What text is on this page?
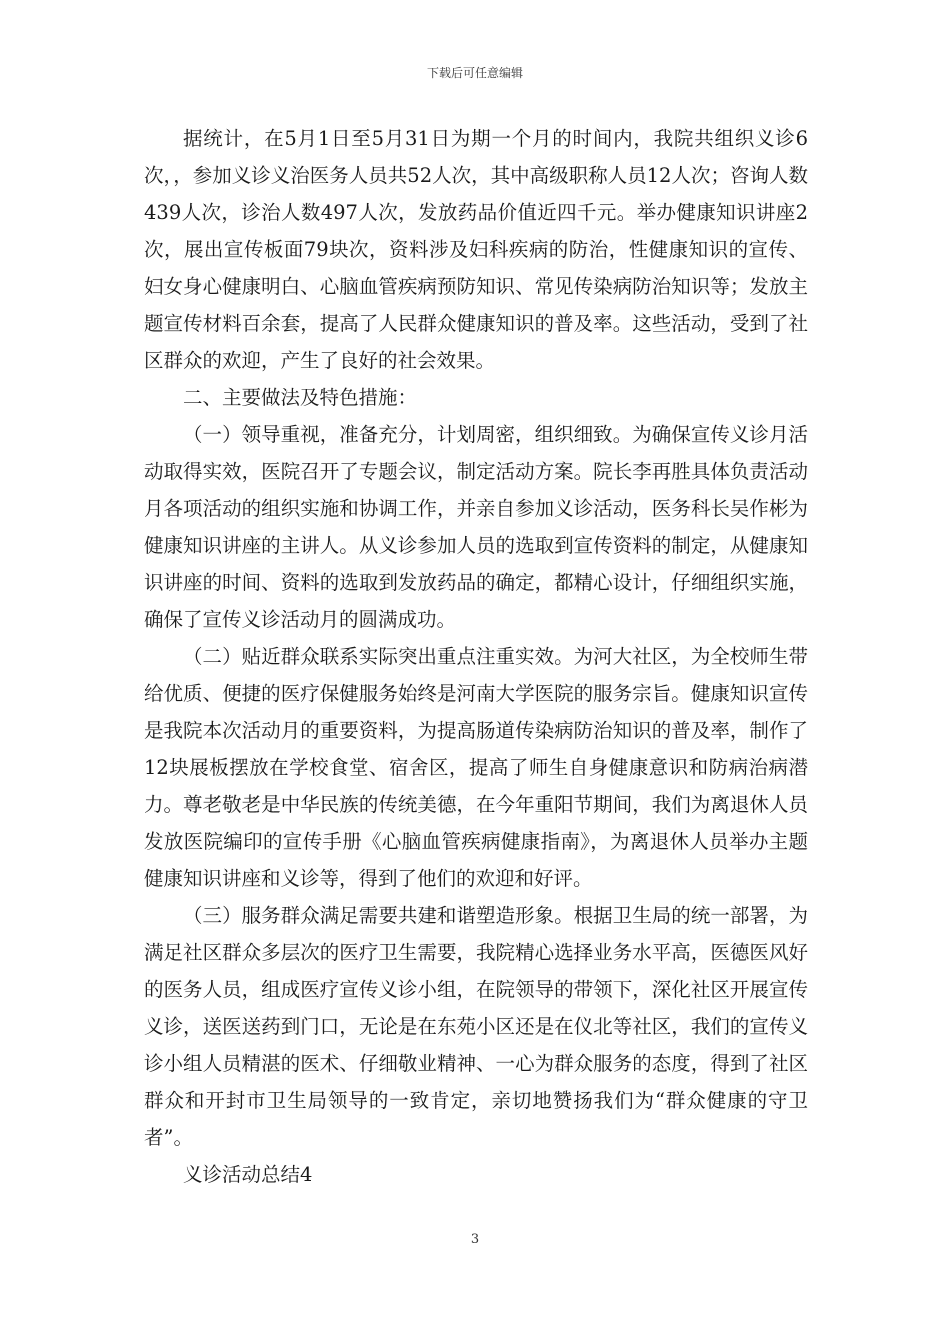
下载后可任意编辑

据统计，在5月1日至5月31日为期一个月的时间内，我院共组织义诊6次，，参加义诊义治医务人员共52人次，其中高级职称人员12人次；咨询人数439人次，诊治人数497人次，发放药品价值近四千元。举办健康知识讲座2次，展出宣传板面79块次，资料涉及妇科疾病的防治，性健康知识的宣传、妇女身心健康明白、心脑血管疾病预防知识、常见传染病防治知识等；发放主题宣传材料百余套，提高了人民群众健康知识的普及率。这些活动，受到了社区群众的欢迎，产生了良好的社会效果。

二、主要做法及特色措施：

（一）领导重视，准备充分，计划周密，组织细致。为确保宣传义诊月活动取得实效，医院召开了专题会议，制定活动方案。院长李再胜具体负责活动月各项活动的组织实施和协调工作，并亲自参加义诊活动，医务科长吴作彬为健康知识讲座的主讲人。从义诊参加人员的选取到宣传资料的制定，从健康知识讲座的时间、资料的选取到发放药品的确定，都精心设计，仔细组织实施，确保了宣传义诊活动月的圆满成功。

（二）贴近群众联系实际突出重点注重实效。为河大社区，为全校师生带给优质、便捷的医疗保健服务始终是河南大学医院的服务宗旨。健康知识宣传是我院本次活动月的重要资料，为提高肠道传染病防治知识的普及率，制作了12块展板摆放在学校食堂、宿舍区，提高了师生自身健康意识和防病治病潜力。尊老敬老是中华民族的传统美德，在今年重阳节期间，我们为离退休人员发放医院编印的宣传手册《心脑血管疾病健康指南》，为离退休人员举办主题健康知识讲座和义诊等，得到了他们的欢迎和好评。

（三）服务群众满足需要共建和谐塑造形象。根据卫生局的统一部署，为满足社区群众多层次的医疗卫生需要，我院精心选择业务水平高，医德医风好的医务人员，组成医疗宣传义诊小组，在院领导的带领下，深化社区开展宣传义诊，送医送药到门口，无论是在东苑小区还是在仪北等社区，我们的宣传义诊小组人员精湛的医术、仔细敬业精神、一心为群众服务的态度，得到了社区群众和开封市卫生局领导的一致肯定，亲切地赞扬我们为“群众健康的守卫者”。

义诊活动总结4

3
